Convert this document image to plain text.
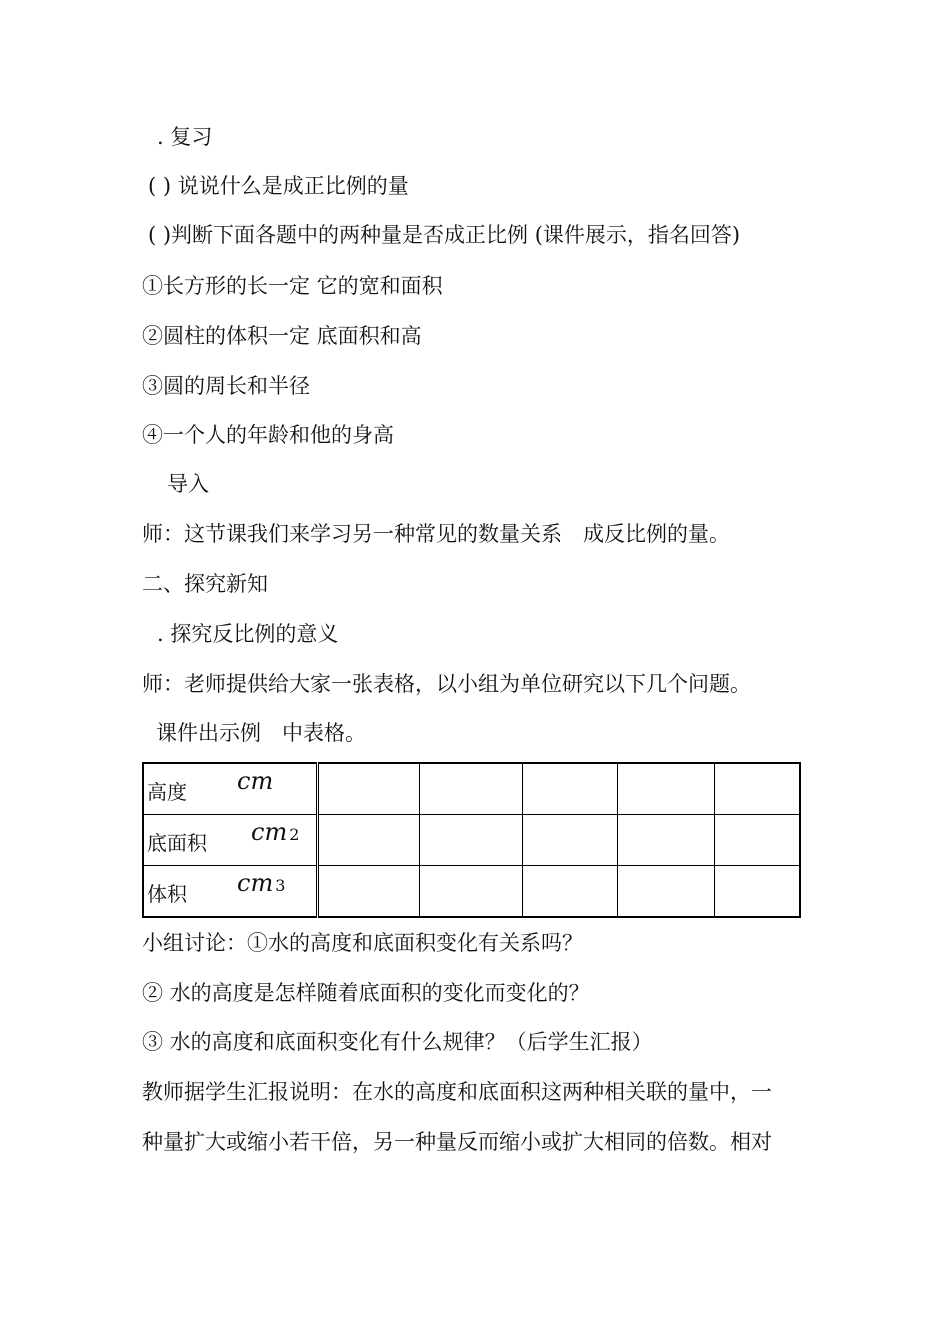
. 复习
( ) 说说什么是成正比例的量
( )判断下面各题中的两种量是否成正比例 (课件展示，指名回答)
①长方形的长一定 它的宽和面积
②圆柱的体积一定 底面积和高
③圆的周长和半径
④一个人的年龄和他的身高
导入
师：这节课我们来学习另一种常见的数量关系　成反比例的量。
二、探究新知
. 探究反比例的意义
师：老师提供给大家一张表格，以小组为单位研究以下几个问题。
课件出示例　中表格。
高度 cm					

底面积 cm 2					

体积 cm 3					

小组讨论：①水的高度和底面积变化有关系吗？
② 水的高度是怎样随着底面积的变化而变化的？
③ 水的高度和底面积变化有什么规律？（后学生汇报）
教师据学生汇报说明：在水的高度和底面积这两种相关联的量中，一
种量扩大或缩小若干倍，另一种量反而缩小或扩大相同的倍数。相对
